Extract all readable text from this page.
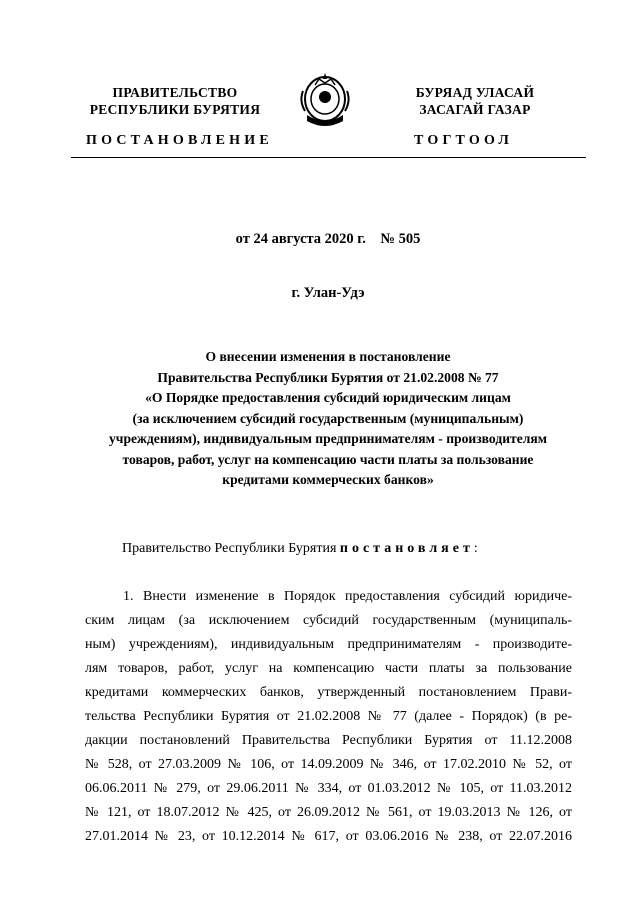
ПРАВИТЕЛЬСТВО
РЕСПУБЛИКИ БУРЯТИЯ
БУРЯАД УЛАСАЙ
ЗАСАГАЙ ГАЗАР
ПОСТАНОВЛЕНИЕ	ТОГТООЛ
от 24 августа 2020 г.    № 505
г. Улан-Удэ
О внесении изменения в постановление
Правительства Республики Бурятия от 21.02.2008 № 77
«О Порядке предоставления субсидий юридическим лицам
(за исключением субсидий государственным (муниципальным)
учреждениям), индивидуальным предпринимателям - производителям
товаров, работ, услуг на компенсацию части платы за пользование
кредитами коммерческих банков»
Правительство Республики Бурятия постановляет:
1. Внести изменение в Порядок предоставления субсидий юридиче-
ским лицам (за исключением субсидий государственным (муниципаль-
ным) учреждениям), индивидуальным предпринимателям - производите-
лям товаров, работ, услуг на компенсацию части платы за пользование
кредитами коммерческих банков, утвержденный постановлением Прави-
тельства Республики Бурятия от 21.02.2008 № 77 (далее - Порядок) (в ре-
дакции постановлений Правительства Республики Бурятия от 11.12.2008
№ 528, от 27.03.2009 № 106, от 14.09.2009 № 346, от 17.02.2010 № 52, от
06.06.2011 № 279, от 29.06.2011 № 334, от 01.03.2012 № 105, от 11.03.2012
№ 121, от 18.07.2012 № 425, от 26.09.2012 № 561, от 19.03.2013 № 126, от
27.01.2014 № 23, от 10.12.2014 № 617, от 03.06.2016 № 238, от 22.07.2016
